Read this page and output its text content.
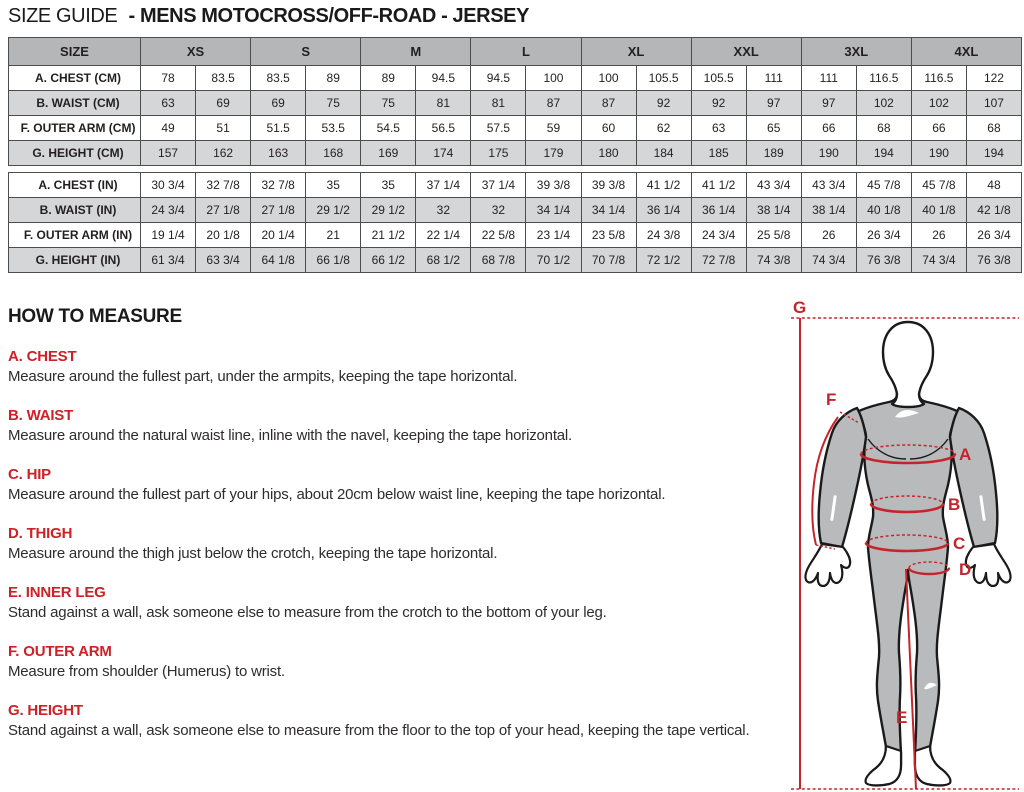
SIZE GUIDE - MENS MOTOCROSS/OFF-ROAD - JERSEY
SIZE	XS		S		M		L		XL		XXL		3XL		4XL	
A. CHEST (CM)	78	83.5	83.5	89	89	94.5	94.5	100	100	105.5	105.5	111	111	116.5	116.5	122
B. WAIST (CM)	63	69	69	75	75	81	81	87	87	92	92	97	97	102	102	107
F. OUTER ARM (CM)	49	51	51.5	53.5	54.5	56.5	57.5	59	60	62	63	65	66	68	66	68
G. HEIGHT (CM)	157	162	163	168	169	174	175	179	180	184	185	189	190	194	190	194

A. CHEST (IN)	30 3/4	32 7/8	32 7/8	35	35	37 1/4	37 1/4	39 3/8	39 3/8	41 1/2	41 1/2	43 3/4	43 3/4	45 7/8	45 7/8	48
B. WAIST (IN)	24 3/4	27 1/8	27 1/8	29 1/2	29 1/2	32	32	34 1/4	34 1/4	36 1/4	36 1/4	38 1/4	38 1/4	40 1/8	40 1/8	42 1/8
F. OUTER ARM (IN)	19 1/4	20 1/8	20 1/4	21	21 1/2	22 1/4	22 5/8	23 1/4	23 5/8	24 3/8	24 3/4	25 5/8	26	26 3/4	26	26 3/4
G. HEIGHT (IN)	61 3/4	63 3/4	64 1/8	66 1/8	66 1/2	68 1/2	68 7/8	70 1/2	70 7/8	72 1/2	72 7/8	74 3/8	74 3/4	76 3/8	74 3/4	76 3/8
HOW TO MEASURE
A. CHEST

Measure around the fullest part, under the armpits, keeping the tape horizontal.

B. WAIST

Measure around the natural waist line, inline with the navel, keeping the tape horizontal.

C. HIP

Measure around the fullest part of your hips, about 20cm below waist line, keeping the tape horizontal.

D. THIGH

Measure around the thigh just below the crotch, keeping the tape horizontal.

E. INNER LEG

Stand against a wall, ask someone else to measure from the crotch to the bottom of your leg.

F. OUTER ARM

Measure from shoulder (Humerus) to wrist.

G. HEIGHT

Stand against a wall, ask someone else to measure from the floor to the top of your head, keeping the tape vertical.

G
F
A
B
C
D
E
